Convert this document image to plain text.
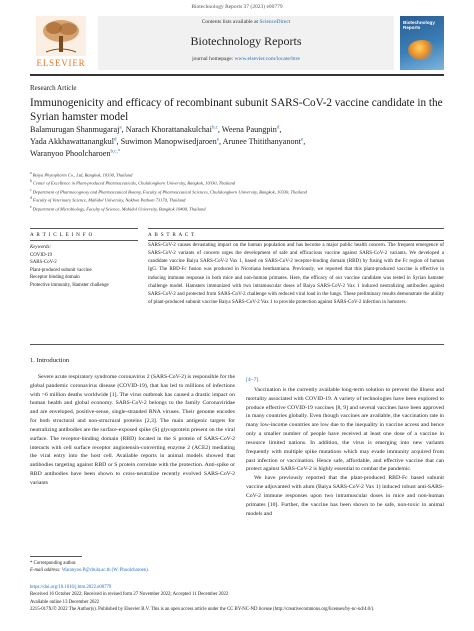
Biotechnology Reports 37 (2023) e00779
ELSEVIER
Contents lists available at ScienceDirect
Biotechnology Reports
journal homepage: www.elsevier.com/locate/btre
Biotechnology Reports
Research Article
Immunogenicity and efficacy of recombinant subunit SARS-CoV-2 vaccine candidate in the Syrian hamster model
Balamurugan Shanmugaraj$^a$, Narach Khorattanakulchai$^{b,c}$, Weena Paungpin$^d$,
Yada Akkhawattanangkul$^d$, Suwimon Manopwisedjaroen$^e$, Arunee Thitithanyanont$^e$,
Waranyoo Phoolcharoen$^{b,c,*}$
$^a$ Baiya Phytopharm Co., Ltd, Bangkok, 10330, Thailand
$^b$ Center of Excellence in Plant-produced Pharmaceuticals, Chulalongkorn University, Bangkok, 10330, Thailand
$^c$ Department of Pharmacognosy and Pharmaceutical Botany, Faculty of Pharmaceutical Sciences, Chulalongkorn University, Bangkok, 10330, Thailand
$^d$ Faculty of Veterinary Science, Mahidol University, Nakhon Pathom 73170, Thailand
$^e$ Department of Microbiology, Faculty of Science, Mahidol University, Bangkok 10400, Thailand
A R T I C L E I N F O	A B S T R A C T
Keywords:
COVID-19
SARS-CoV-2
Plant-produced subunit vaccine
Receptor binding domain
Protective immunity, Hamster challenge
SARS-CoV-2 causes devastating impact on the human population and has become a major public health concern. The frequent emergence of SARS-CoV-2 variants of concern urges the development of safe and efficacious vaccine against SARS-CoV-2 variants. We developed a candidate vaccine Baiya SARS-CoV-2 Vax 1, based on SARS-CoV-2 receptor-binding domain (RBD) by fusing with the Fc region of human IgG. The RBD-Fc fusion was produced in Nicotiana benthamiana. Previously, we reported that this plant-produced vaccine is effective in inducing immune response in both mice and non-human primates. Here, the efficacy of our vaccine candidate was tested in Syrian hamster challenge model. Hamsters immunized with two intramuscular doses of Baiya SARS-CoV-2 Vax 1 induced neutralizing antibodies against SARS-CoV-2 and protected from SARS-CoV-2 challenge with reduced viral load in the lungs. These preliminary results demonstrate the ability of plant-produced subunit vaccine Baiya SARS-CoV-2 Vax 1 to provide protection against SARS-CoV-2 infection in hamsters.
1. Introduction
Severe acute respiratory syndrome coronavirus 2 (SARS-CoV-2) is responsible for the global pandemic coronavirus disease (COVID-19), that has led to millions of infections with >6 million deaths worldwide [1]. The virus outbreak has caused a drastic impact on human health and global economy. SARS-CoV-2 belongs to the family Coronaviridae and are enveloped, positive-sense, single-stranded RNA viruses. Their genome encodes for both structural and non-structural proteins [2,3]. The main antigenic targets for neutralizing antibodies are the surface-exposed spike (S) glycoprotein present on the viral surface. The receptor-binding domain (RBD) located in the S protein of SARS-CoV-2 interacts with cell surface receptor angiotensin-converting enzyme 2 (ACE2) mediating the viral entry into the host cell. Available reports in animal models showed that antibodies targeting against RBD or S protein correlate with the protection. Anti-spike or RBD antibodies have been shown to cross-neutralize recently evolved SARS-CoV-2 variants
[4–7].

Vaccination is the currently available long-term solution to prevent the illness and mortality associated with COVID-19. A variety of technologies have been explored to produce effective COVID-19 vaccines [8, 9] and several vaccines have been approved in many countries globally. Even though vaccines are available, the vaccination rate in many low-income countries are low due to the inequality in vaccine access and hence only a smaller number of people have received at least one dose of a vaccine in resource limited nations. In addition, the virus is emerging into new variants frequently with multiple spike mutations which may evade immunity acquired from past infection or vaccination. Hence safe, affordable, and effective vaccine that can protect against SARS-CoV-2 is highly essential to combat the pandemic.

We have previously reported that the plant-produced RBD-Fc based subunit vaccine adjuvanted with alum (Baiya SARS-CoV-2 Vax 1) induced robust anti-SARS-CoV-2 immune responses upon two intramuscular doses in mice and non-human primates [10]. Further, the vaccine has been shown to be safe, non-toxic in animal models and

* Corresponding author.
E-mail address: Waranyoo.P@chula.ac.th (W. Phoolcharoen).
https://doi.org/10.1016/j.btre.2022.e00779
Received 16 October 2022; Received in revised form 27 November 2022; Accepted 11 December 2022
Available online 13 December 2022
2215-017X/© 2022 The Author(s). Published by Elsevier B.V. This is an open access article under the CC BY-NC-ND license (http://creativecommons.org/licenses/by-nc-nd/4.0/).
